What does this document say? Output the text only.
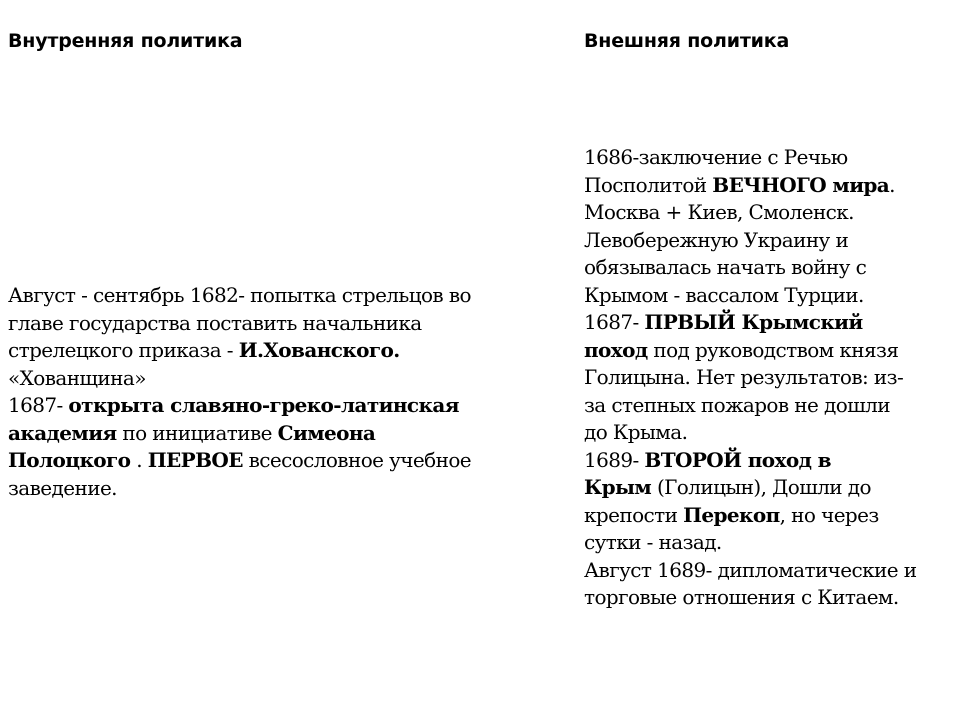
Внутренняя политика	Внешняя политика
Август - сентябрь 1682- попытка стрельцов во
главе государства поставить начальника
стрелецкого приказа - И.Хованского.
«Хованщина»
1687- открыта славяно-греко-латинская
академия по инициативе Симеона
Полоцкого . ПЕРВОЕ всесословное учебное
заведение.
1686-заключение с Речью
Посполитой ВЕЧНОГО мира.
Москва + Киев, Смоленск.
Левобережную Украину и
обязывалась начать войну с
Крымом - вассалом Турции.
1687- ПРВЫЙ Крымский
поход под руководством князя
Голицына. Нет результатов: из-
за степных пожаров не дошли
до Крыма.
1689- ВТОРОЙ поход в
Крым (Голицын), Дошли до
крепости Перекоп, но через
сутки - назад.
Август 1689- дипломатические и
торговые отношения с Китаем.
